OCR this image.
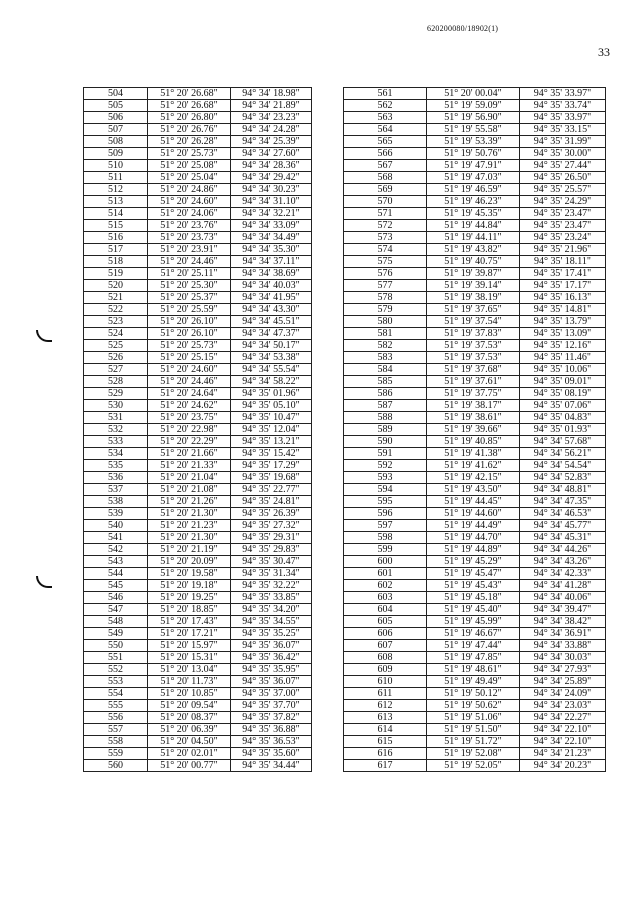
620200080/18902(1)
33
504	51° 20' 26.68"	94° 34' 18.98"
505	51° 20' 26.68"	94° 34' 21.89"
506	51° 20' 26.80"	94° 34' 23.23"
507	51° 20' 26.76"	94° 34' 24.28"
508	51° 20' 26.28"	94° 34' 25.39"
509	51° 20' 25.73"	94° 34' 27.60"
510	51° 20' 25.08"	94° 34' 28.36"
511	51° 20' 25.04"	94° 34' 29.42"
512	51° 20' 24.86"	94° 34' 30.23"
513	51° 20' 24.60"	94° 34' 31.10"
514	51° 20' 24.06"	94° 34' 32.21"
515	51° 20' 23.76"	94° 34' 33.09"
516	51° 20' 23.73"	94° 34' 34.49"
517	51° 20' 23.91"	94° 34' 35.30"
518	51° 20' 24.46"	94° 34' 37.11"
519	51° 20' 25.11"	94° 34' 38.69"
520	51° 20' 25.30"	94° 34' 40.03"
521	51° 20' 25.37"	94° 34' 41.95"
522	51° 20' 25.59"	94° 34' 43.30"
523	51° 20' 26.10"	94° 34' 45.51"
524	51° 20' 26.10"	94° 34' 47.37"
525	51° 20' 25.73"	94° 34' 50.17"
526	51° 20' 25.15"	94° 34' 53.38"
527	51° 20' 24.60"	94° 34' 55.54"
528	51° 20' 24.46"	94° 34' 58.22"
529	51° 20' 24.64"	94° 35' 01.96"
530	51° 20' 24.62"	94° 35' 05.10"
531	51° 20' 23.75"	94° 35' 10.47"
532	51° 20' 22.98"	94° 35' 12.04"
533	51° 20' 22.29"	94° 35' 13.21"
534	51° 20' 21.66"	94° 35' 15.42"
535	51° 20' 21.33"	94° 35' 17.29"
536	51° 20' 21.04"	94° 35' 19.68"
537	51° 20' 21.08"	94° 35' 22.77"
538	51° 20' 21.26"	94° 35' 24.81"
539	51° 20' 21.30"	94° 35' 26.39"
540	51° 20' 21.23"	94° 35' 27.32"
541	51° 20' 21.30"	94° 35' 29.31"
542	51° 20' 21.19"	94° 35' 29.83"
543	51° 20' 20.09"	94° 35' 30.47"
544	51° 20' 19.58"	94° 35' 31.34"
545	51° 20' 19.18"	94° 35' 32.22"
546	51° 20' 19.25"	94° 35' 33.85"
547	51° 20' 18.85"	94° 35' 34.20"
548	51° 20' 17.43"	94° 35' 34.55"
549	51° 20' 17.21"	94° 35' 35.25"
550	51° 20' 15.97"	94° 35' 36.07"
551	51° 20' 15.31"	94° 35' 36.42"
552	51° 20' 13.04"	94° 35' 35.95"
553	51° 20' 11.73"	94° 35' 36.07"
554	51° 20' 10.85"	94° 35' 37.00"
555	51° 20' 09.54"	94° 35' 37.70"
556	51° 20' 08.37"	94° 35' 37.82"
557	51° 20' 06.39"	94° 35' 36.88"
558	51° 20' 04.50"	94° 35' 36.53"
559	51° 20' 02.01"	94° 35' 35.60"
560	51° 20' 00.77"	94° 35' 34.44"
561	51° 20' 00.04"	94° 35' 33.97"
562	51° 19' 59.09"	94° 35' 33.74"
563	51° 19' 56.90"	94° 35' 33.97"
564	51° 19' 55.58"	94° 35' 33.15"
565	51° 19' 53.39"	94° 35' 31.99"
566	51° 19' 50.76"	94° 35' 30.00"
567	51° 19' 47.91"	94° 35' 27.44"
568	51° 19' 47.03"	94° 35' 26.50"
569	51° 19' 46.59"	94° 35' 25.57"
570	51° 19' 46.23"	94° 35' 24.29"
571	51° 19' 45.35"	94° 35' 23.47"
572	51° 19' 44.84"	94° 35' 23.47"
573	51° 19' 44.11"	94° 35' 23.24"
574	51° 19' 43.82"	94° 35' 21.96"
575	51° 19' 40.75"	94° 35' 18.11"
576	51° 19' 39.87"	94° 35' 17.41"
577	51° 19' 39.14"	94° 35' 17.17"
578	51° 19' 38.19"	94° 35' 16.13"
579	51° 19' 37.65"	94° 35' 14.81"
580	51° 19' 37.54"	94° 35' 13.79"
581	51° 19' 37.83"	94° 35' 13.09"
582	51° 19' 37.53"	94° 35' 12.16"
583	51° 19' 37.53"	94° 35' 11.46"
584	51° 19' 37.68"	94° 35' 10.06"
585	51° 19' 37.61"	94° 35' 09.01"
586	51° 19' 37.75"	94° 35' 08.19"
587	51° 19' 38.17"	94° 35' 07.06"
588	51° 19' 38.61"	94° 35' 04.83"
589	51° 19' 39.66"	94° 35' 01.93"
590	51° 19' 40.85"	94° 34' 57.68"
591	51° 19' 41.38"	94° 34' 56.21"
592	51° 19' 41.62"	94° 34' 54.54"
593	51° 19' 42.15"	94° 34' 52.83"
594	51° 19' 43.50"	94° 34' 48.81"
595	51° 19' 44.45"	94° 34' 47.35"
596	51° 19' 44.60"	94° 34' 46.53"
597	51° 19' 44.49"	94° 34' 45.77"
598	51° 19' 44.70"	94° 34' 45.31"
599	51° 19' 44.89"	94° 34' 44.26"
600	51° 19' 45.29"	94° 34' 43.26"
601	51° 19' 45.47"	94° 34' 42.33"
602	51° 19' 45.43"	94° 34' 41.28"
603	51° 19' 45.18"	94° 34' 40.06"
604	51° 19' 45.40"	94° 34' 39.47"
605	51° 19' 45.99"	94° 34' 38.42"
606	51° 19' 46.67"	94° 34' 36.91"
607	51° 19' 47.44"	94° 34' 33.88"
608	51° 19' 47.85"	94° 34' 30.03"
609	51° 19' 48.61"	94° 34' 27.93"
610	51° 19' 49.49"	94° 34' 25.89"
611	51° 19' 50.12"	94° 34' 24.09"
612	51° 19' 50.62"	94° 34' 23.03"
613	51° 19' 51.06"	94° 34' 22.27"
614	51° 19' 51.50"	94° 34' 22.10"
615	51° 19' 51.72"	94° 34' 22.10"
616	51° 19' 52.08"	94° 34' 21.23"
617	51° 19' 52.05"	94° 34' 20.23"
